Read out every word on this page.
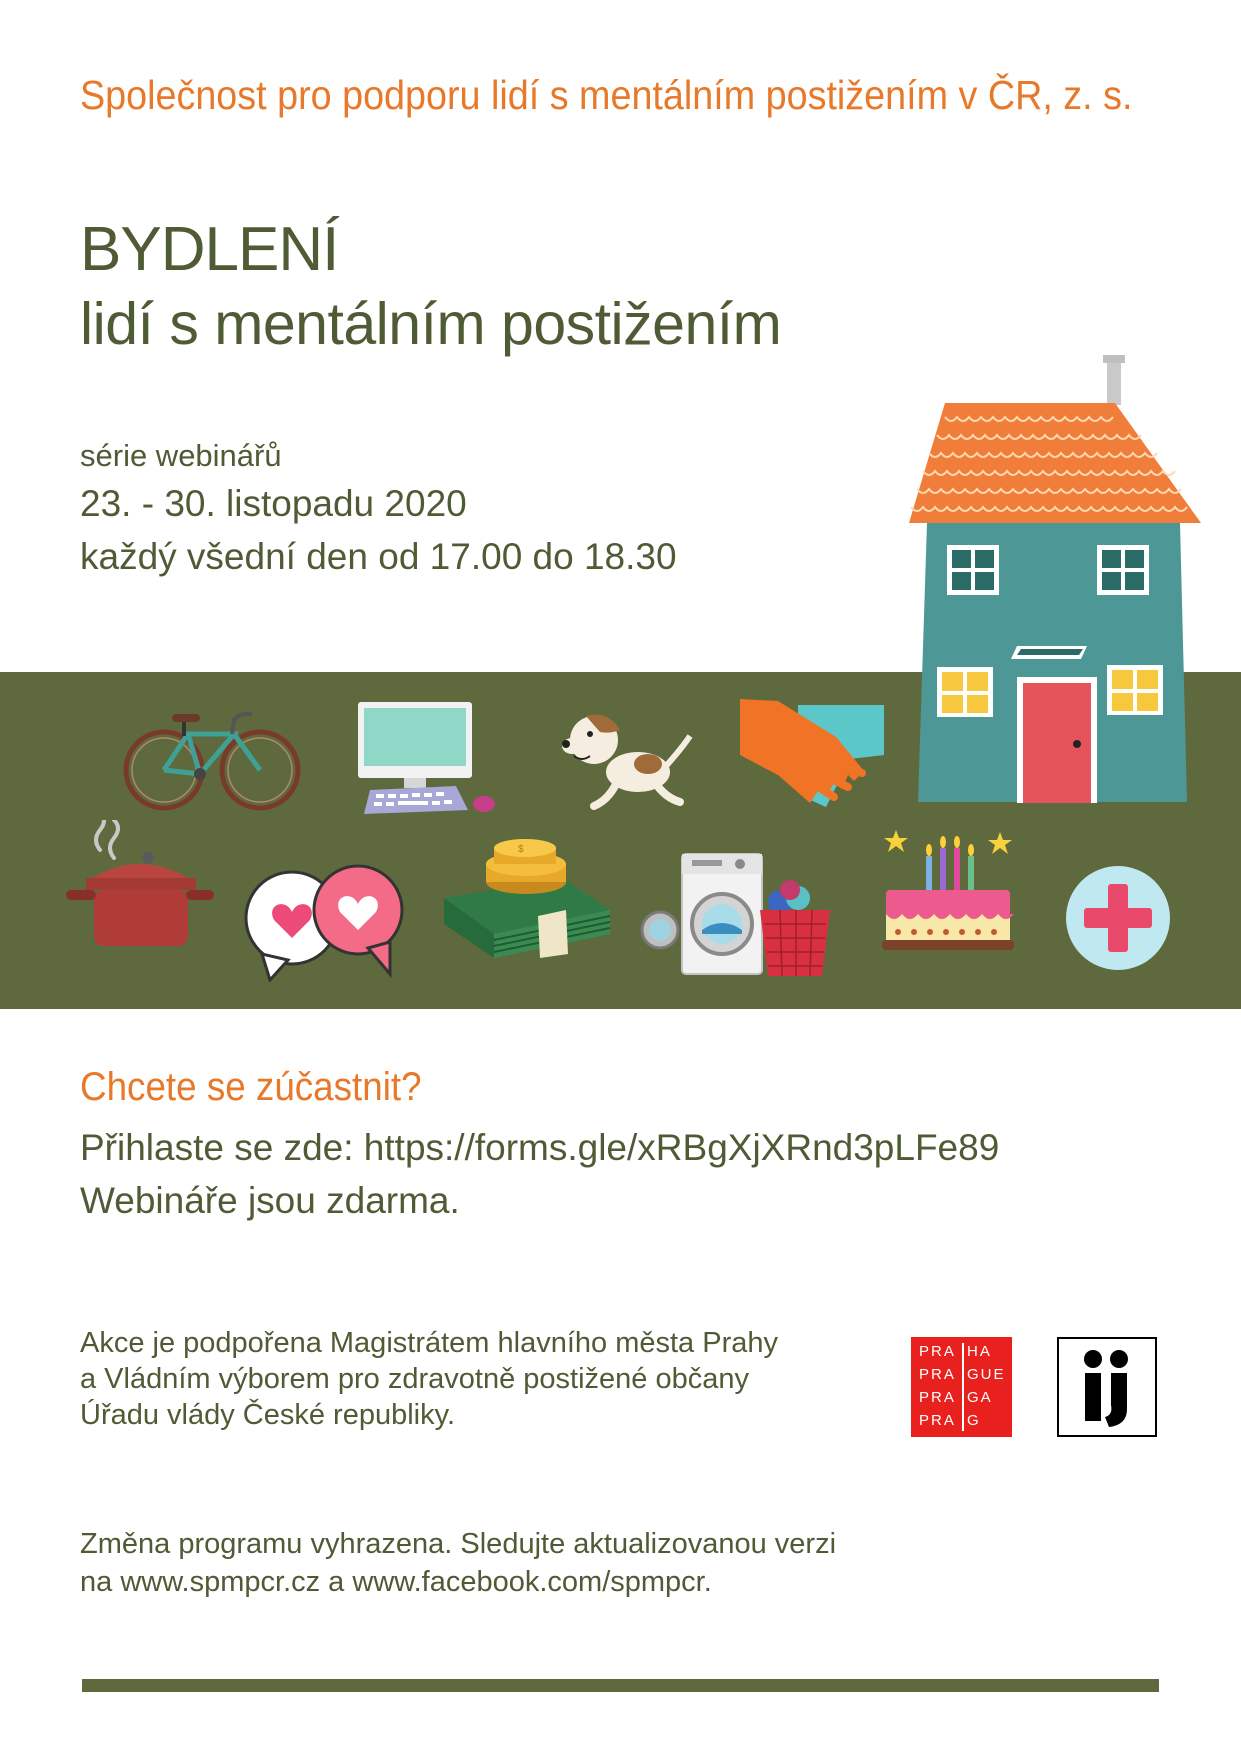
Společnost pro podporu lidí s mentálním postižením v ČR, z. s.
BYDLENÍ
lidí s mentálním postižením
série webinářů
23. - 30. listopadu 2020
každý všední den od 17.00 do 18.30
$
Chcete se zúčastnit?
Přihlaste se zde: https://forms.gle/xRBgXjXRnd3pLFe89
Webináře jsou zdarma.
Akce je podpořena Magistrátem hlavního města Prahy
a Vládním výborem pro zdravotně postižené občany
Úřadu vlády České republiky.
PRA HA
PRA GUE
PRA GA
PRA G
Změna programu vyhrazena. Sledujte aktualizovanou verzi
na www.spmpcr.cz a www.facebook.com/spmpcr.
